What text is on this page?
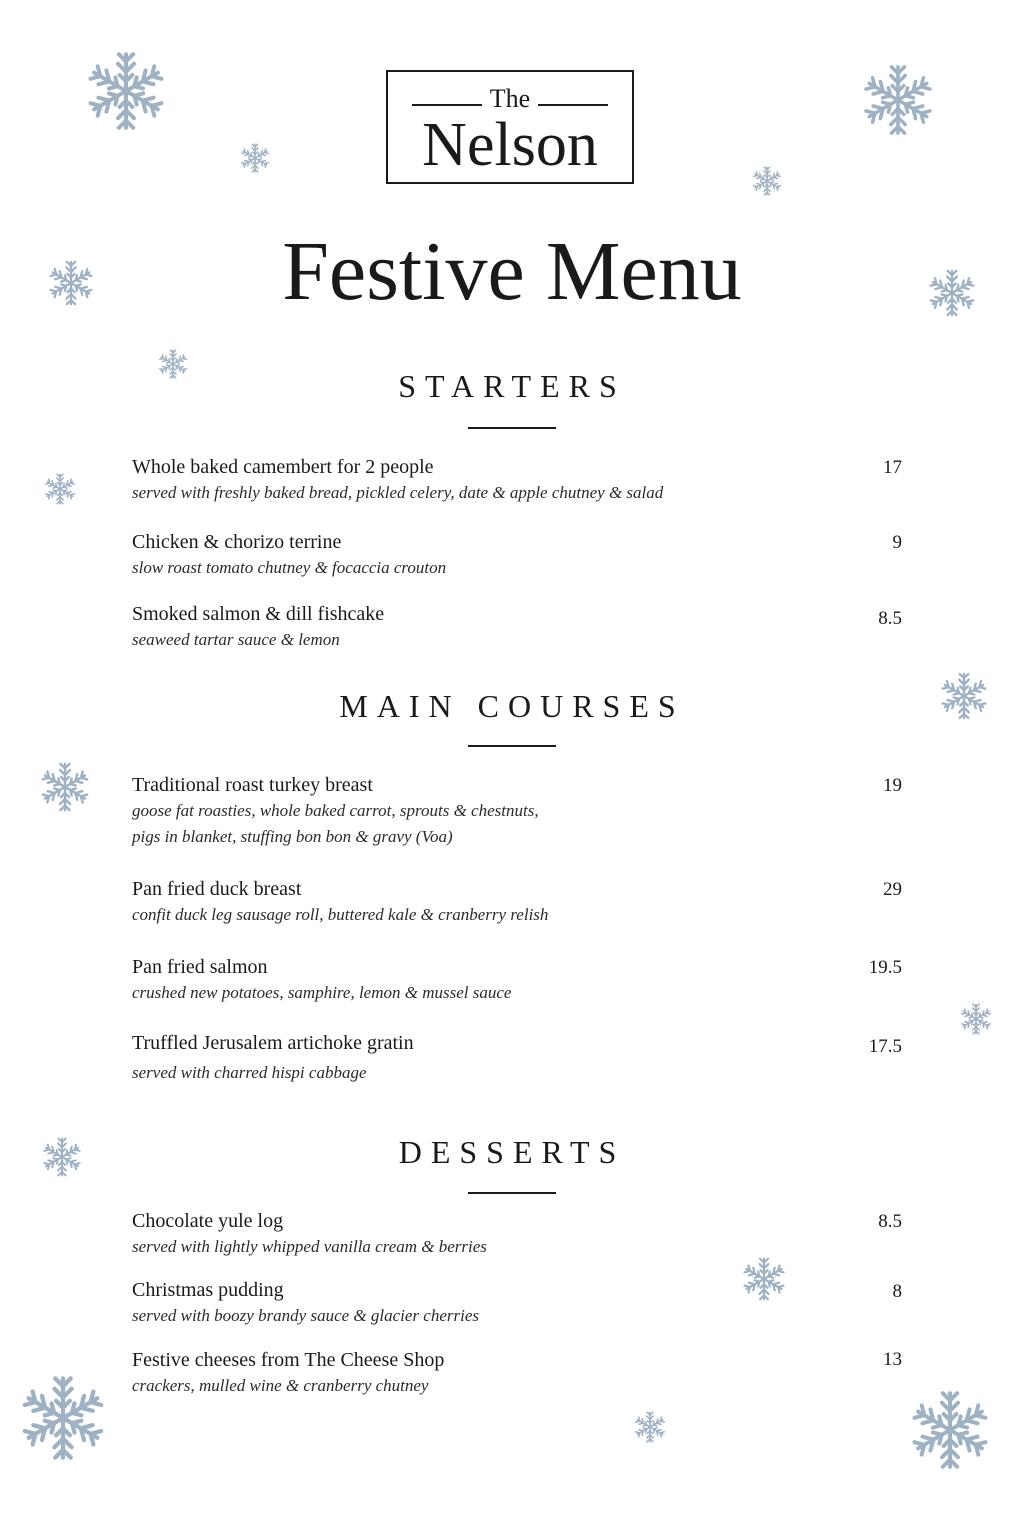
The
Nelson
Festive Menu
STARTERS
Whole baked camembert for 2 people
served with freshly baked bread, pickled celery, date & apple chutney & salad
17
Chicken & chorizo terrine
slow roast tomato chutney & focaccia crouton
9
Smoked salmon & dill fishcake
seaweed tartar sauce & lemon
8.5
MAIN COURSES
Traditional roast turkey breast
goose fat roasties, whole baked carrot, sprouts & chestnuts,
pigs in blanket, stuffing bon bon & gravy (Voa)
19
Pan fried duck breast
confit duck leg sausage roll, buttered kale & cranberry relish
29
Pan fried salmon
crushed new potatoes, samphire, lemon & mussel sauce
19.5
Truffled Jerusalem artichoke gratin
served with charred hispi cabbage
17.5
DESSERTS
Chocolate yule log
served with lightly whipped vanilla cream & berries
8.5
Christmas pudding
served with boozy brandy sauce & glacier cherries
8
Festive cheeses from The Cheese Shop
crackers, mulled wine & cranberry chutney
13
